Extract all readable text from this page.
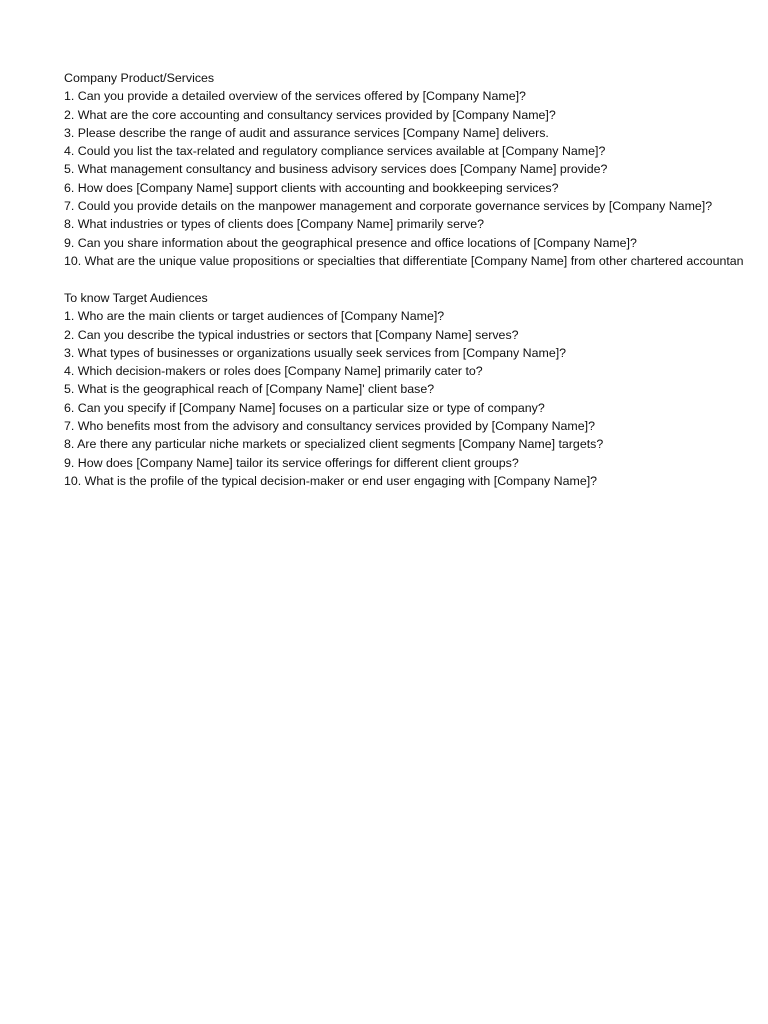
Company Product/Services
1. Can you provide a detailed overview of the services offered by [Company Name]?
2. What are the core accounting and consultancy services provided by [Company Name]?
3. Please describe the range of audit and assurance services [Company Name] delivers.
4. Could you list the tax-related and regulatory compliance services available at [Company Name]?
5. What management consultancy and business advisory services does [Company Name] provide?
6. How does [Company Name] support clients with accounting and bookkeeping services?
7. Could you provide details on the manpower management and corporate governance services by [Company Name]?
8. What industries or types of clients does [Company Name] primarily serve?
9. Can you share information about the geographical presence and office locations of [Company Name]?
10. What are the unique value propositions or specialties that differentiate [Company Name] from other chartered accountan
To know Target Audiences
1. Who are the main clients or target audiences of [Company Name]?
2. Can you describe the typical industries or sectors that [Company Name] serves?
3. What types of businesses or organizations usually seek services from [Company Name]?
4. Which decision-makers or roles does [Company Name] primarily cater to?
5. What is the geographical reach of [Company Name]' client base?
6. Can you specify if [Company Name] focuses on a particular size or type of company?
7. Who benefits most from the advisory and consultancy services provided by [Company Name]?
8. Are there any particular niche markets or specialized client segments [Company Name] targets?
9. How does [Company Name] tailor its service offerings for different client groups?
10. What is the profile of the typical decision-maker or end user engaging with [Company Name]?
